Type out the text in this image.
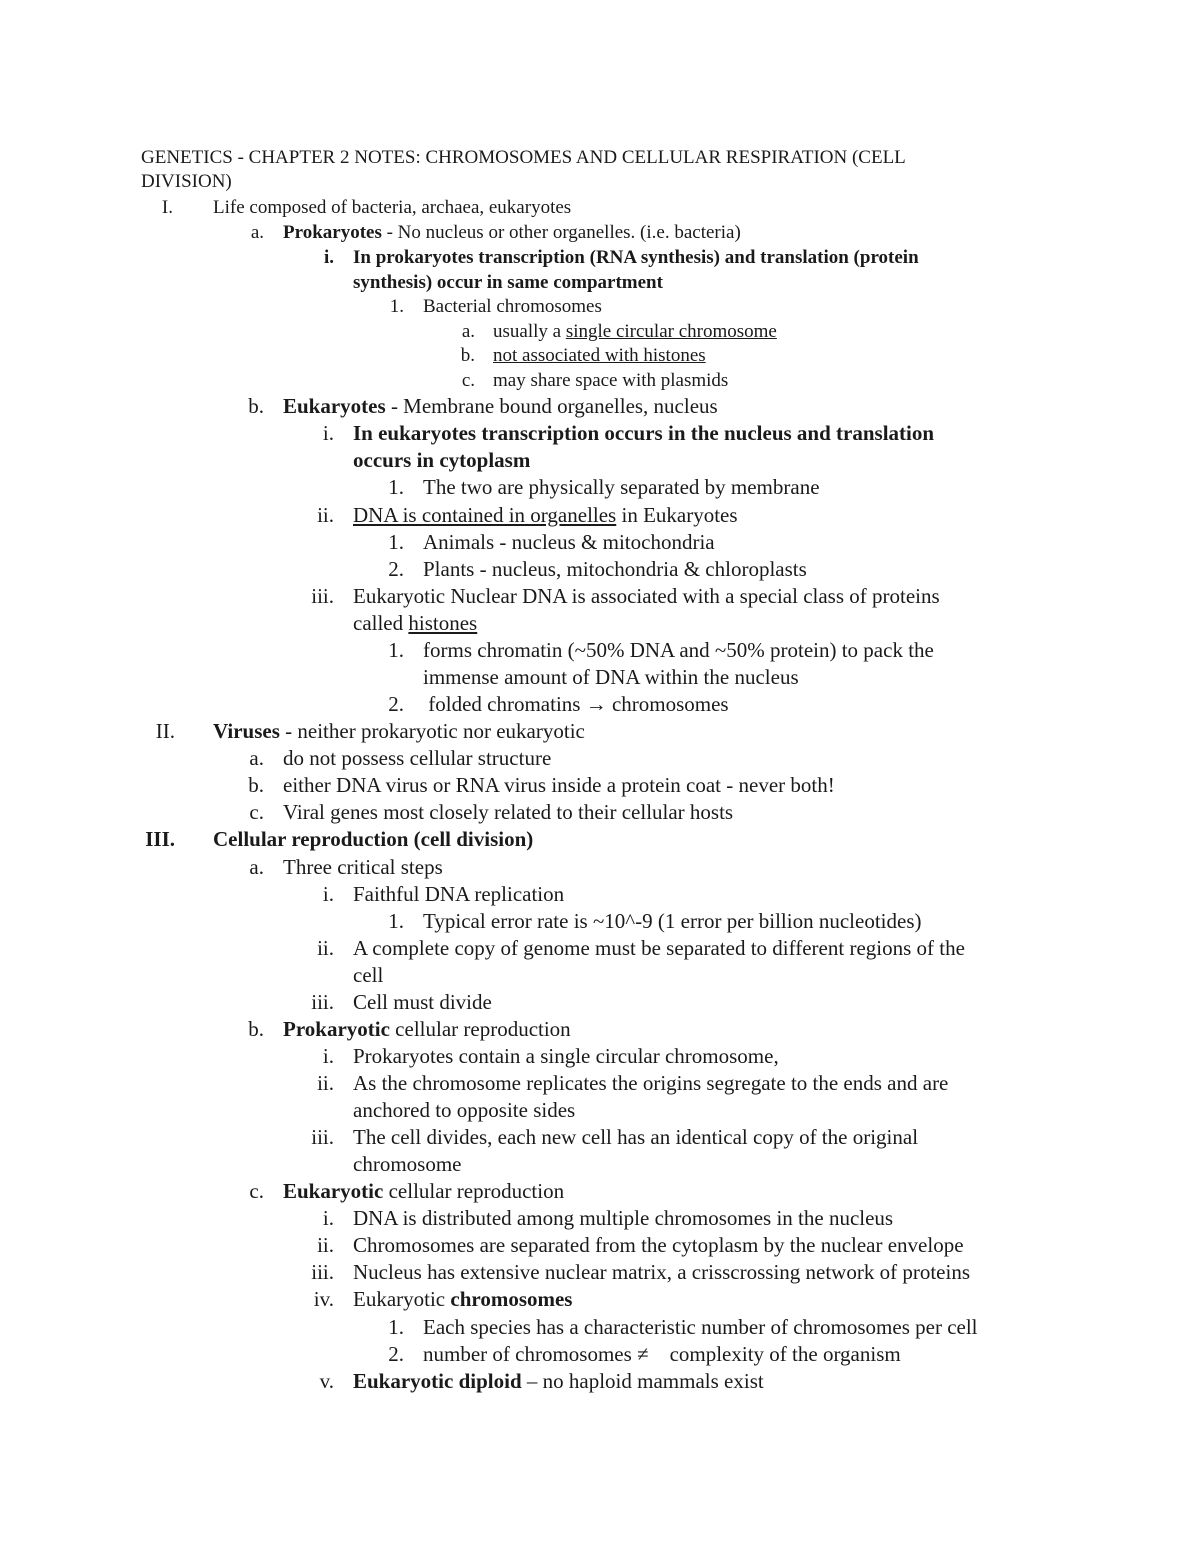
GENETICS - CHAPTER 2 NOTES: CHROMOSOMES AND CELLULAR RESPIRATION (CELL
DIVISION)
I. Life composed of bacteria, archaea, eukaryotes
a. Prokaryotes - No nucleus or other organelles. (i.e. bacteria)
i. In prokaryotes transcription (RNA synthesis) and translation (protein
synthesis) occur in same compartment
1. Bacterial chromosomes
a. usually a single circular chromosome
b. not associated with histones
c. may share space with plasmids
b. Eukaryotes - Membrane bound organelles, nucleus
i. In eukaryotes transcription occurs in the nucleus and translation
occurs in cytoplasm
1. The two are physically separated by membrane
ii. DNA is contained in organelles in Eukaryotes
1. Animals - nucleus & mitochondria
2. Plants - nucleus, mitochondria & chloroplasts
iii. Eukaryotic Nuclear DNA is associated with a special class of proteins
called histones
1. forms chromatin (~50% DNA and ~50% protein) to pack the
immense amount of DNA within the nucleus
2. folded chromatins → chromosomes
II. Viruses - neither prokaryotic nor eukaryotic
a. do not possess cellular structure
b. either DNA virus or RNA virus inside a protein coat - never both!
c. Viral genes most closely related to their cellular hosts
III. Cellular reproduction (cell division)
a. Three critical steps
i. Faithful DNA replication
1. Typical error rate is ~10^-9 (1 error per billion nucleotides)
ii. A complete copy of genome must be separated to different regions of the
cell
iii. Cell must divide
b. Prokaryotic cellular reproduction
i. Prokaryotes contain a single circular chromosome,
ii. As the chromosome replicates the origins segregate to the ends and are
anchored to opposite sides
iii. The cell divides, each new cell has an identical copy of the original
chromosome
c. Eukaryotic cellular reproduction
i. DNA is distributed among multiple chromosomes in the nucleus
ii. Chromosomes are separated from the cytoplasm by the nuclear envelope
iii. Nucleus has extensive nuclear matrix, a crisscrossing network of proteins
iv. Eukaryotic chromosomes
1. Each species has a characteristic number of chromosomes per cell
2. number of chromosomes ≠    complexity of the organism
v. Eukaryotic diploid – no haploid mammals exist
